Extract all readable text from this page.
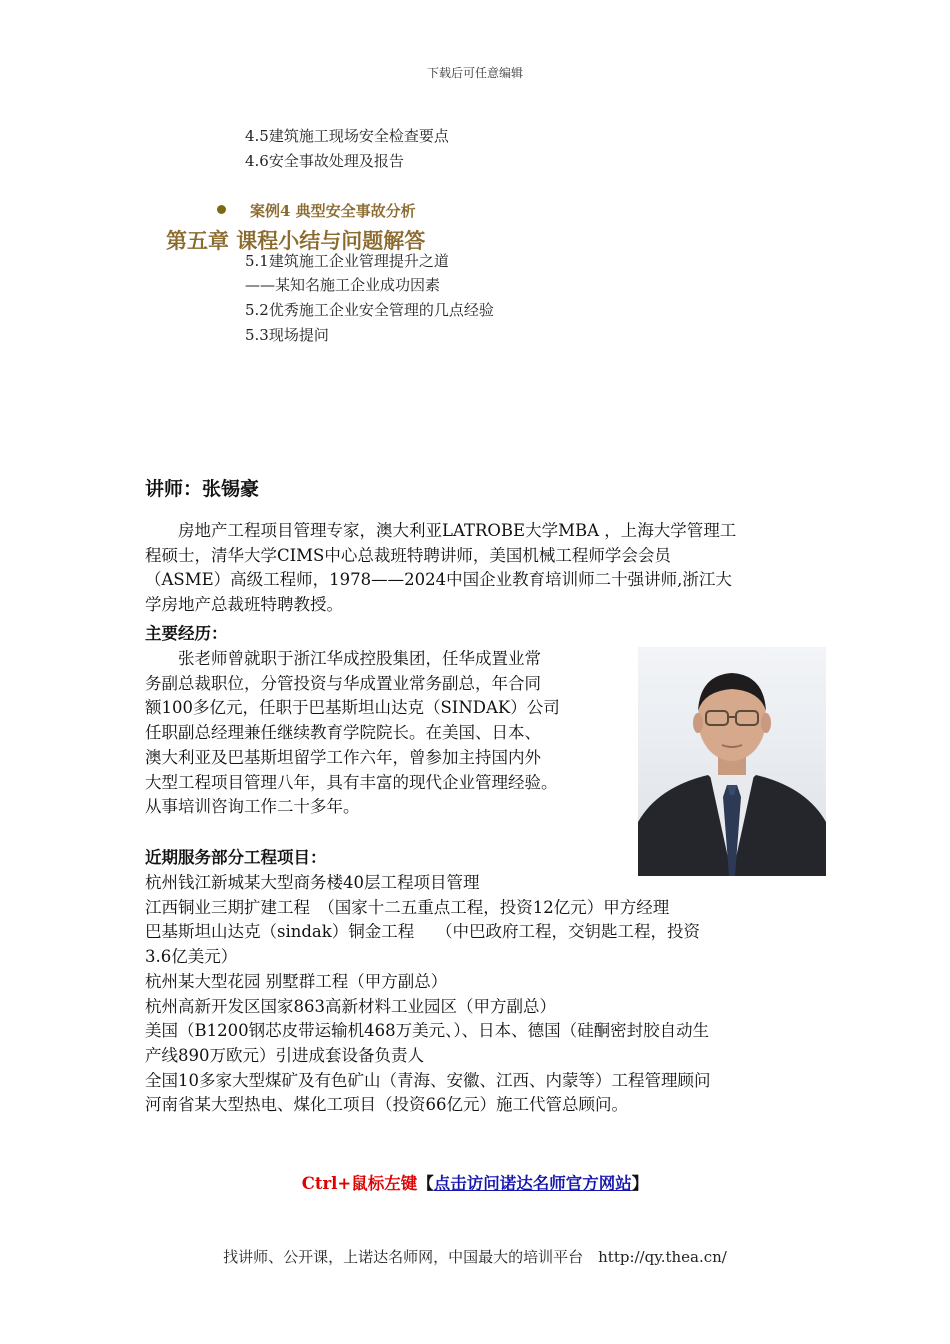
下载后可任意编辑
4.5建筑施工现场安全检查要点
4.6安全事故处理及报告
案例4 典型安全事故分析
第五章 课程小结与问题解答
5.1建筑施工企业管理提升之道
——某知名施工企业成功因素
5.2优秀施工企业安全管理的几点经验
5.3现场提问
讲师：张锡豪
　　房地产工程项目管理专家，澳大利亚LATROBE大学MBA ，上海大学管理工
程硕士，清华大学CIMS中心总裁班特聘讲师，美国机械工程师学会会员
（ASME）高级工程师，1978——2024中国企业教育培训师二十强讲师,浙江大
学房地产总裁班特聘教授。
主要经历：
　　张老师曾就职于浙江华成控股集团，任华成置业常
务副总裁职位，分管投资与华成置业常务副总，年合同
额100多亿元，任职于巴基斯坦山达克（SINDAK）公司
任职副总经理兼任继续教育学院院长。在美国、日本、
澳大利亚及巴基斯坦留学工作六年，曾参加主持国内外
大型工程项目管理八年，具有丰富的现代企业管理经验。
从事培训咨询工作二十多年。
近期服务部分工程项目：
杭州钱江新城某大型商务楼40层工程项目管理
江西铜业三期扩建工程　（国家十二五重点工程，投资12亿元）甲方经理
巴基斯坦山达克（sindak）铜金工程　 （中巴政府工程，交钥匙工程，投资
3.6亿美元）
杭州某大型花园 别墅群工程（甲方副总）
杭州高新开发区国家863高新材料工业园区（甲方副总）
美国（B1200钢芯皮带运输机468万美元、）、日本、德国（硅酮密封胶自动生
产线890万欧元）引进成套设备负责人
全国10多家大型煤矿及有色矿山（青海、安徽、江西、内蒙等）工程管理顾问
河南省某大型热电、煤化工项目（投资66亿元）施工代管总顾问。
Ctrl+鼠标左键【点击访问诺达名师官方网站】
找讲师、公开课，上诺达名师网，中国最大的培训平台　http://qy.thea.cn/
